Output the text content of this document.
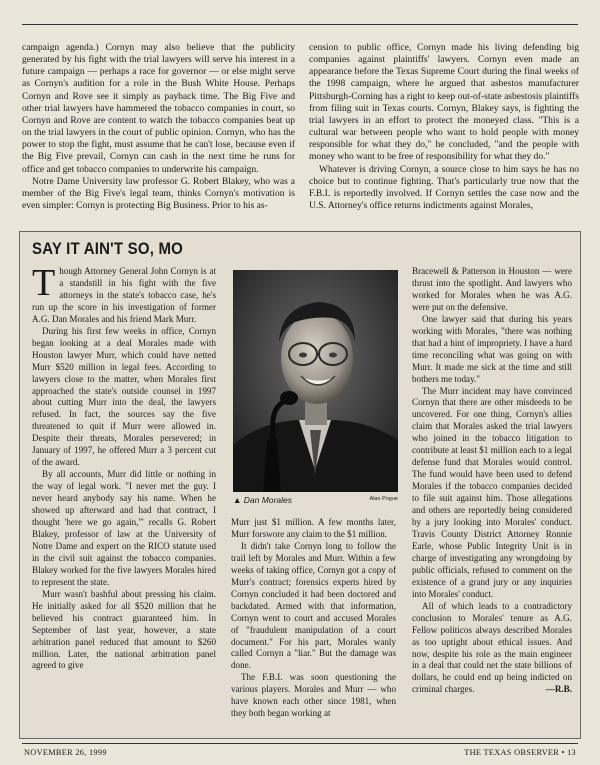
campaign agenda.) Cornyn may also believe that the publicity generated by his fight with the trial lawyers will serve his interest in a future campaign — perhaps a race for governor — or else might serve as Cornyn's audition for a role in the Bush White House. Perhaps Cornyn and Rove see it simply as payback time. The Big Five and other trial lawyers have hammered the tobacco companies in court, so Cornyn and Rove are content to watch the tobacco companies beat up on the trial lawyers in the court of public opinion. Cornyn, who has the power to stop the fight, must assume that he can't lose, because even if the Big Five prevail, Cornyn can cash in the next time he runs for office and get tobacco companies to underwrite his campaign.

Notre Dame University law professor G. Robert Blakey, who was a member of the Big Five's legal team, thinks Cornyn's motivation is even simpler: Cornyn is protecting Big Business. Prior to his as-

cension to public office, Cornyn made his living defending big companies against plaintiffs' lawyers. Cornyn even made an appearance before the Texas Supreme Court during the final weeks of the 1998 campaign, where he argued that asbestos manufacturer Pittsburgh-Corning has a right to keep out-of-state asbestosis plaintiffs from filing suit in Texas courts. Cornyn, Blakey says, is fighting the trial lawyers in an effort to protect the moneyed class. "This is a cultural war between people who want to hold people with money responsible for what they do," he concluded, "and the people with money who want to be free of responsibility for what they do."

Whatever is driving Cornyn, a source close to him says he has no choice but to continue fighting. That's particularly true now that the F.B.I. is reportedly involved. If Cornyn settles the case now and the U.S. Attorney's office returns indictments against Morales,

SAY IT AIN'T SO, MO

Though Attorney General John Cornyn is at a standstill in his fight with the five attorneys in the state's tobacco case, he's run up the score in his investigation of former A.G. Dan Morales and his friend Mark Murr.

During his first few weeks in office, Cornyn began looking at a deal Morales made with Houston lawyer Murr, which could have netted Murr $520 million in legal fees. According to lawyers close to the matter, when Morales first approached the state's outside counsel in 1997 about cutting Murr into the deal, the lawyers refused. In fact, the sources say the five threatened to quit if Murr were allowed in. Despite their threats, Morales persevered; in January of 1997, he offered Murr a 3 percent cut of the award.

By all accounts, Murr did little or nothing in the way of legal work. "I never met the guy. I never heard anybody say his name. When he showed up afterward and had that contract, I thought 'here we go again,'" recalls G. Robert Blakey, professor of law at the University of Notre Dame and expert on the RICO statute used in the civil suit against the tobacco companies. Blakey worked for the five lawyers Morales hired to represent the state.

Murr wasn't bashful about pressing his claim. He initially asked for all $520 million that he believed his contract guaranteed him. In September of last year, however, a state arbitration panel reduced that amount to $260 million. Later, the national arbitration panel agreed to give

▲ Dan Morales	Alan Pogue

Murr just $1 million. A few months later, Murr forswore any claim to the $1 million.

It didn't take Cornyn long to follow the trail left by Morales and Murr. Within a few weeks of taking office, Cornyn got a copy of Murr's contract; forensics experts hired by Cornyn concluded it had been doctored and backdated. Armed with that information, Cornyn went to court and accused Morales of "fraudulent manipulation of a court document." For his part, Morales wanly called Cornyn a "liar." But the damage was done.

The F.B.I. was soon questioning the various players. Morales and Murr — who have known each other since 1981, when they both began working at

Bracewell & Patterson in Houston — were thrust into the spotlight. And lawyers who worked for Morales when he was A.G. were put on the defensive.

One lawyer said that during his years working with Morales, "there was nothing that had a hint of impropriety. I have a hard time reconciling what was going on with Murr. It made me sick at the time and still bothers me today."

The Murr incident may have convinced Cornyn that there are other misdeeds to be uncovered. For one thing, Cornyn's allies claim that Morales asked the trial lawyers who joined in the tobacco litigation to contribute at least $1 million each to a legal defense fund that Morales would control. The fund would have been used to defend Morales if the tobacco companies decided to file suit against him. Those allegations and others are reportedly being considered by a jury looking into Morales' conduct. Travis County District Attorney Ronnie Earle, whose Public Integrity Unit is in charge of investigating any wrongdoing by public officials, refused to comment on the existence of a grand jury or any inquiries into Morales' conduct.

All of which leads to a contradictory conclusion to Morales' tenure as A.G. Fellow politicos always described Morales as too uptight about ethical issues. And now, despite his role as the main engineer in a deal that could net the state billions of dollars, he could end up being indicted on criminal charges.	—R.B.

NOVEMBER 26, 1999	THE TEXAS OBSERVER • 13
